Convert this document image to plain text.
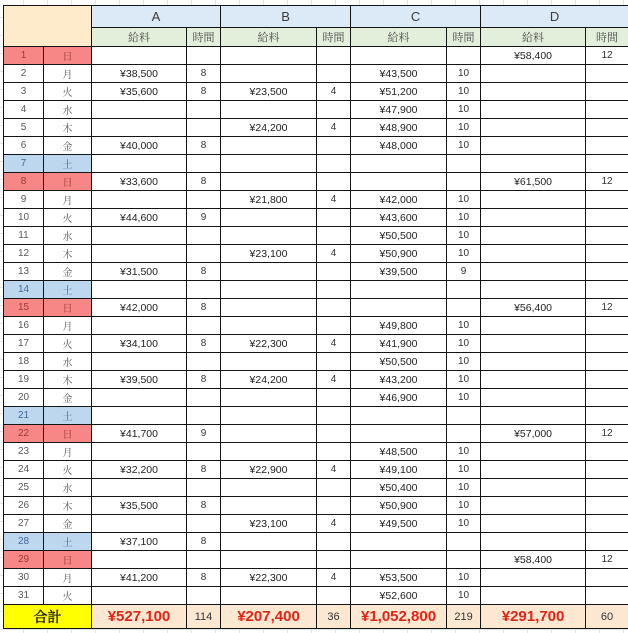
		A		B		C		D	
		給料	時間	給料	時間	給料	時間	給料	時間
1	日							¥58,400	12
2	月	¥38,500	8			¥43,500	10		
3	火	¥35,600	8	¥23,500	4	¥51,200	10		
4	水					¥47,900	10		
5	木			¥24,200	4	¥48,900	10		
6	金	¥40,000	8			¥48,000	10		
7	土								
8	日	¥33,600	8					¥61,500	12
9	月			¥21,800	4	¥42,000	10		
10	火	¥44,600	9			¥43,600	10		
11	水					¥50,500	10		
12	木			¥23,100	4	¥50,900	10		
13	金	¥31,500	8			¥39,500	9		
14	土								
15	日	¥42,000	8					¥56,400	12
16	月					¥49,800	10		
17	火	¥34,100	8	¥22,300	4	¥41,900	10		
18	水					¥50,500	10		
19	木	¥39,500	8	¥24,200	4	¥43,200	10		
20	金					¥46,900	10		
21	土								
22	日	¥41,700	9					¥57,000	12
23	月					¥48,500	10		
24	火	¥32,200	8	¥22,900	4	¥49,100	10		
25	水					¥50,400	10		
26	木	¥35,500	8			¥50,900	10		
27	金			¥23,100	4	¥49,500	10		
28	土	¥37,100	8						
29	日							¥58,400	12
30	月	¥41,200	8	¥22,300	4	¥53,500	10		
31	火					¥52,600	10		
合計		¥527,100	114	¥207,400	36	¥1,052,800	219	¥291,700	60
